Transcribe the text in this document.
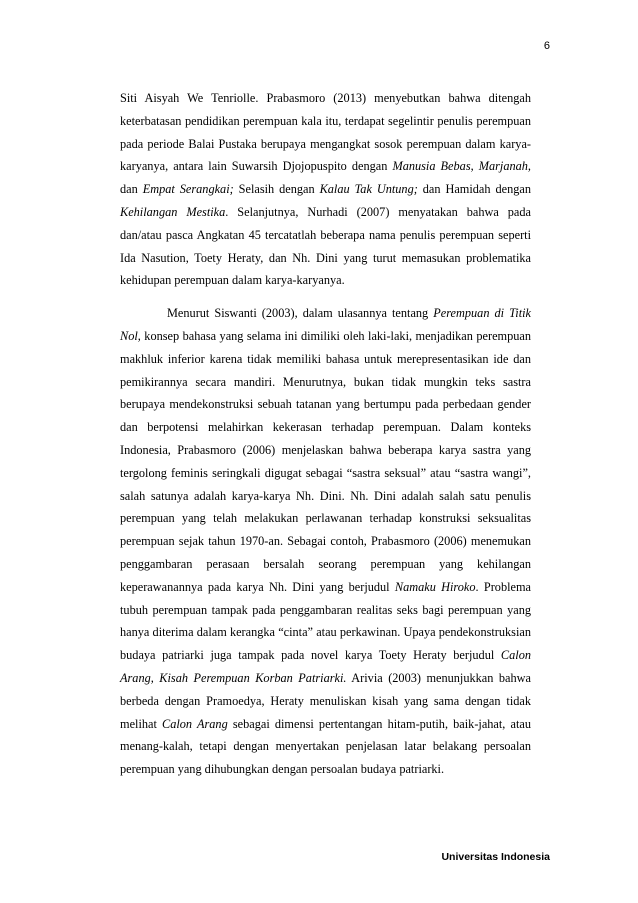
6

Siti Aisyah We Tenriolle. Prabasmoro (2013) menyebutkan bahwa ditengah keterbatasan pendidikan perempuan kala itu, terdapat segelintir penulis perempuan pada periode Balai Pustaka berupaya mengangkat sosok perempuan dalam karya-karyanya, antara lain Suwarsih Djojopuspito dengan Manusia Bebas, Marjanah, dan Empat Serangkai; Selasih dengan Kalau Tak Untung; dan Hamidah dengan Kehilangan Mestika. Selanjutnya, Nurhadi (2007) menyatakan bahwa pada dan/atau pasca Angkatan 45 tercatatlah beberapa nama penulis perempuan seperti Ida Nasution, Toety Heraty, dan Nh. Dini yang turut memasukan problematika kehidupan perempuan dalam karya-karyanya.

Menurut Siswanti (2003), dalam ulasannya tentang Perempuan di Titik Nol, konsep bahasa yang selama ini dimiliki oleh laki-laki, menjadikan perempuan makhluk inferior karena tidak memiliki bahasa untuk merepresentasikan ide dan pemikirannya secara mandiri. Menurutnya, bukan tidak mungkin teks sastra berupaya mendekonstruksi sebuah tatanan yang bertumpu pada perbedaan gender dan berpotensi melahirkan kekerasan terhadap perempuan. Dalam konteks Indonesia, Prabasmoro (2006) menjelaskan bahwa beberapa karya sastra yang tergolong feminis seringkali digugat sebagai “sastra seksual” atau “sastra wangi”, salah satunya adalah karya-karya Nh. Dini. Nh. Dini adalah salah satu penulis perempuan yang telah melakukan perlawanan terhadap konstruksi seksualitas perempuan sejak tahun 1970-an. Sebagai contoh, Prabasmoro (2006) menemukan penggambaran perasaan bersalah seorang perempuan yang kehilangan keperawanannya pada karya Nh. Dini yang berjudul Namaku Hiroko. Problema tubuh perempuan tampak pada penggambaran realitas seks bagi perempuan yang hanya diterima dalam kerangka “cinta” atau perkawinan. Upaya pendekonstruksian budaya patriarki juga tampak pada novel karya Toety Heraty berjudul Calon Arang, Kisah Perempuan Korban Patriarki. Arivia (2003) menunjukkan bahwa berbeda dengan Pramoedya, Heraty menuliskan kisah yang sama dengan tidak melihat Calon Arang sebagai dimensi pertentangan hitam-putih, baik-jahat, atau menang-kalah, tetapi dengan menyertakan penjelasan latar belakang persoalan perempuan yang dihubungkan dengan persoalan budaya patriarki.

Universitas Indonesia
